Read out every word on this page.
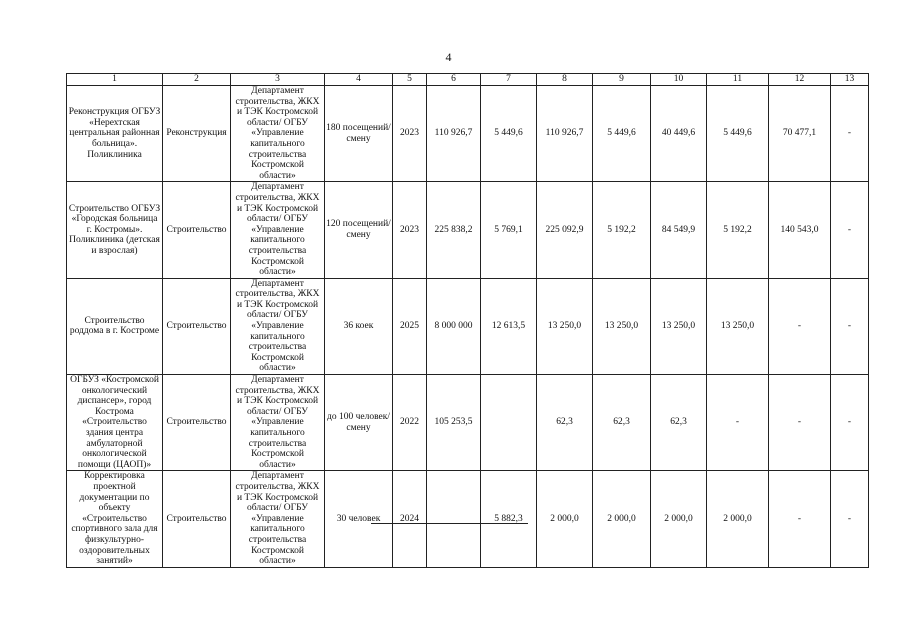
4
1	2	3	4	5	6	7	8	9	10	11	12	13
Реконструкция ОГБУЗ «Нерехтская центральная районная больница». Поликлиника	Реконструкция	Департамент строительства, ЖКХ и ТЭК Костромской области/ ОГБУ «Управление капитального строительства Костромской области»	180 посещений/ смену	2023	110 926,7	5 449,6	110 926,7	5 449,6	40 449,6	5 449,6	70 477,1	-
Строительство ОГБУЗ «Городская больница г. Костромы». Поликлиника (детская и взрослая)	Строительство	Департамент строительства, ЖКХ и ТЭК Костромской области/ ОГБУ «Управление капитального строительства Костромской области»	120 посещений/ смену	2023	225 838,2	5 769,1	225 092,9	5 192,2	84 549,9	5 192,2	140 543,0	-
Строительство роддома в г. Костроме	Строительство	Департамент строительства, ЖКХ и ТЭК Костромской области/ ОГБУ «Управление капитального строительства Костромской области»	36 коек	2025	8 000 000	12 613,5	13 250,0	13 250,0	13 250,0	13 250,0	-	-
ОГБУЗ «Костромской онкологический диспансер», город Кострома «Строительство здания центра амбулаторной онкологической помощи (ЦАОП)»	Строительство	Департамент строительства, ЖКХ и ТЭК Костромской области/ ОГБУ «Управление капитального строительства Костромской области»	до 100 человек/смену	2022	105 253,5		62,3	62,3	62,3	-	-	-
Корректировка проектной документации по объекту «Строительство спортивного зала для физкультурно-оздоровительных занятий»	Строительство	Департамент строительства, ЖКХ и ТЭК Костромской области/ ОГБУ «Управление капитального строительства Костромской области»	30 человек	2024		5 882,3	2 000,0	2 000,0	2 000,0	2 000,0	-	-
